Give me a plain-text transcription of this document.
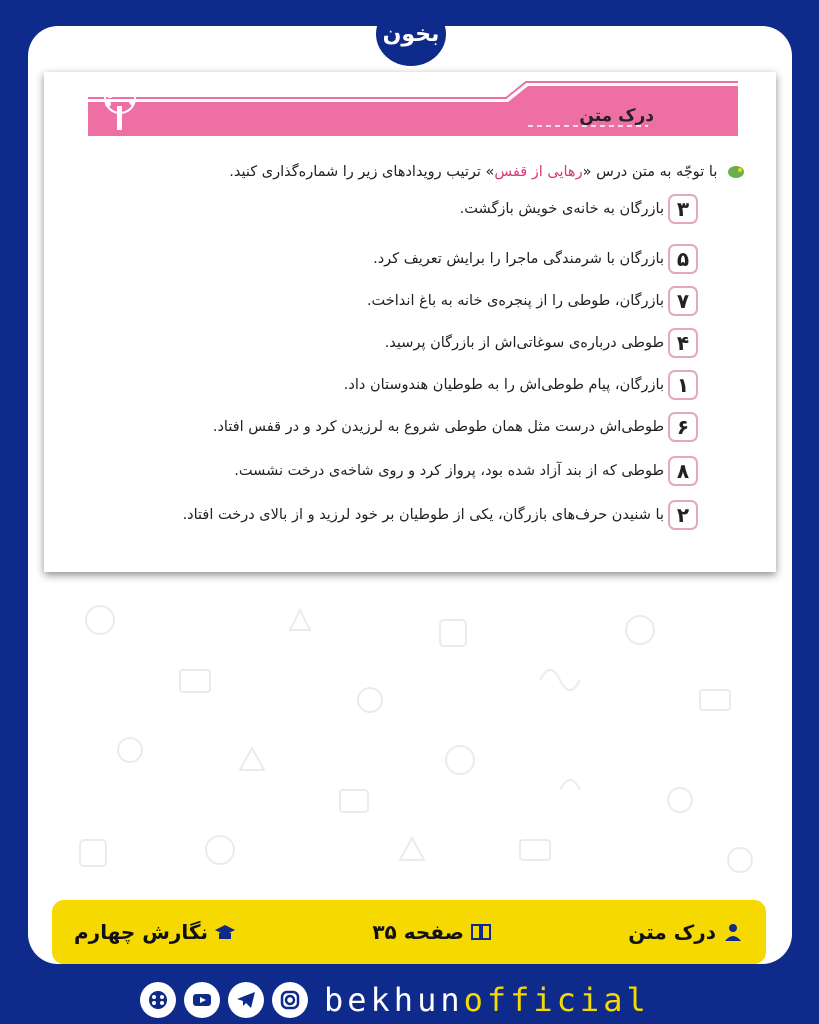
بخون
درک متن
با توجّه به متن درس «رهایی از قفس» ترتیب رویدادهای زیر را شماره‌گذاری کنید.
۳
بازرگان به خانه‌ی خویش بازگشت.
۵
بازرگان با شرمندگی ماجرا را برایش تعریف کرد.
۷
بازرگان، طوطی را از پنجره‌ی خانه به باغ انداخت.
۴
طوطی درباره‌ی سوغاتی‌اش از بازرگان پرسید.
۱
بازرگان، پیام طوطی‌اش را به طوطیان هندوستان داد.
۶
طوطی‌اش درست مثل همان طوطی شروع به لرزیدن کرد و در قفس افتاد.
۸
طوطی که از بند آزاد شده بود، پرواز کرد و روی شاخه‌ی درخت نشست.
۲
با شنیدن حرف‌های بازرگان، یکی از طوطیان بر خود لرزید و از بالای درخت افتاد.
درک متن
صفحه ۳۵
نگارش چهارم
bekhunofficial
